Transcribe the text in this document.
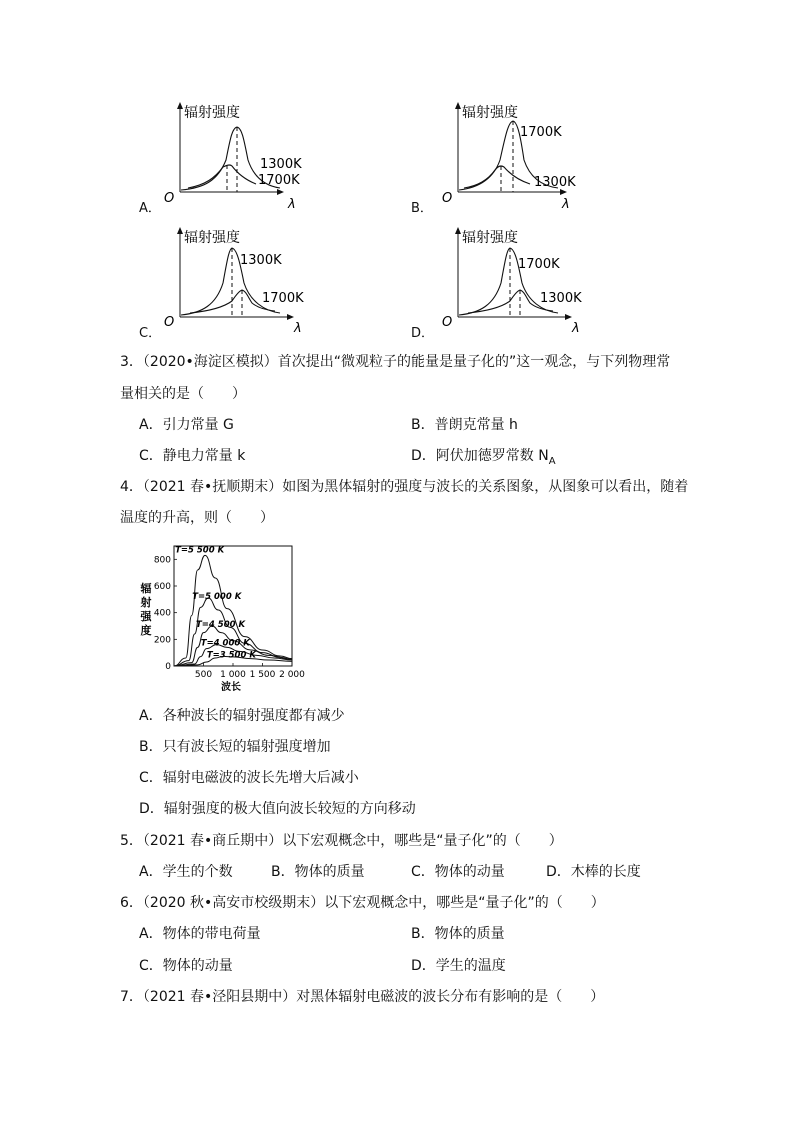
A．
辐射强度
O	λ
1300K
1700K
B．
辐射强度
O	λ
1700K
1300K
C．
辐射强度
O	λ
1300K
1700K
D．
辐射强度
O	λ
1700K
1300K
3．（2020•海淀区模拟）首次提出“微观粒子的能量是量子化的”这一观念，与下列物理常
量相关的是（　　）
A．引力常量 G	B．普朗克常量 h
C．静电力常量 k	D．阿伏加德罗常数 $N_A$
4．（2021 春•抚顺期末）如图为黑体辐射的强度与波长的关系图象，从图象可以看出，随着
温度的升高，则（　　）
0
200
400
600
800
500 1 000 1 500 2 000
辐
射
强
度
波长
T=5 500 K
T=5 000 K
T=4 500 K
T=4 000 K
T=3 500 K
A．各种波长的辐射强度都有减少
B．只有波长短的辐射强度增加
C．辐射电磁波的波长先增大后减小
D．辐射强度的极大值向波长较短的方向移动
5．（2021 春•商丘期中）以下宏观概念中，哪些是“量子化”的（　　）
A．学生的个数	B．物体的质量	C．物体的动量	D．木棒的长度
6．（2020 秋•高安市校级期末）以下宏观概念中，哪些是“量子化”的（　　）
A．物体的带电荷量	B．物体的质量
C．物体的动量	D．学生的温度
7．（2021 春•泾阳县期中）对黑体辐射电磁波的波长分布有影响的是（　　）
